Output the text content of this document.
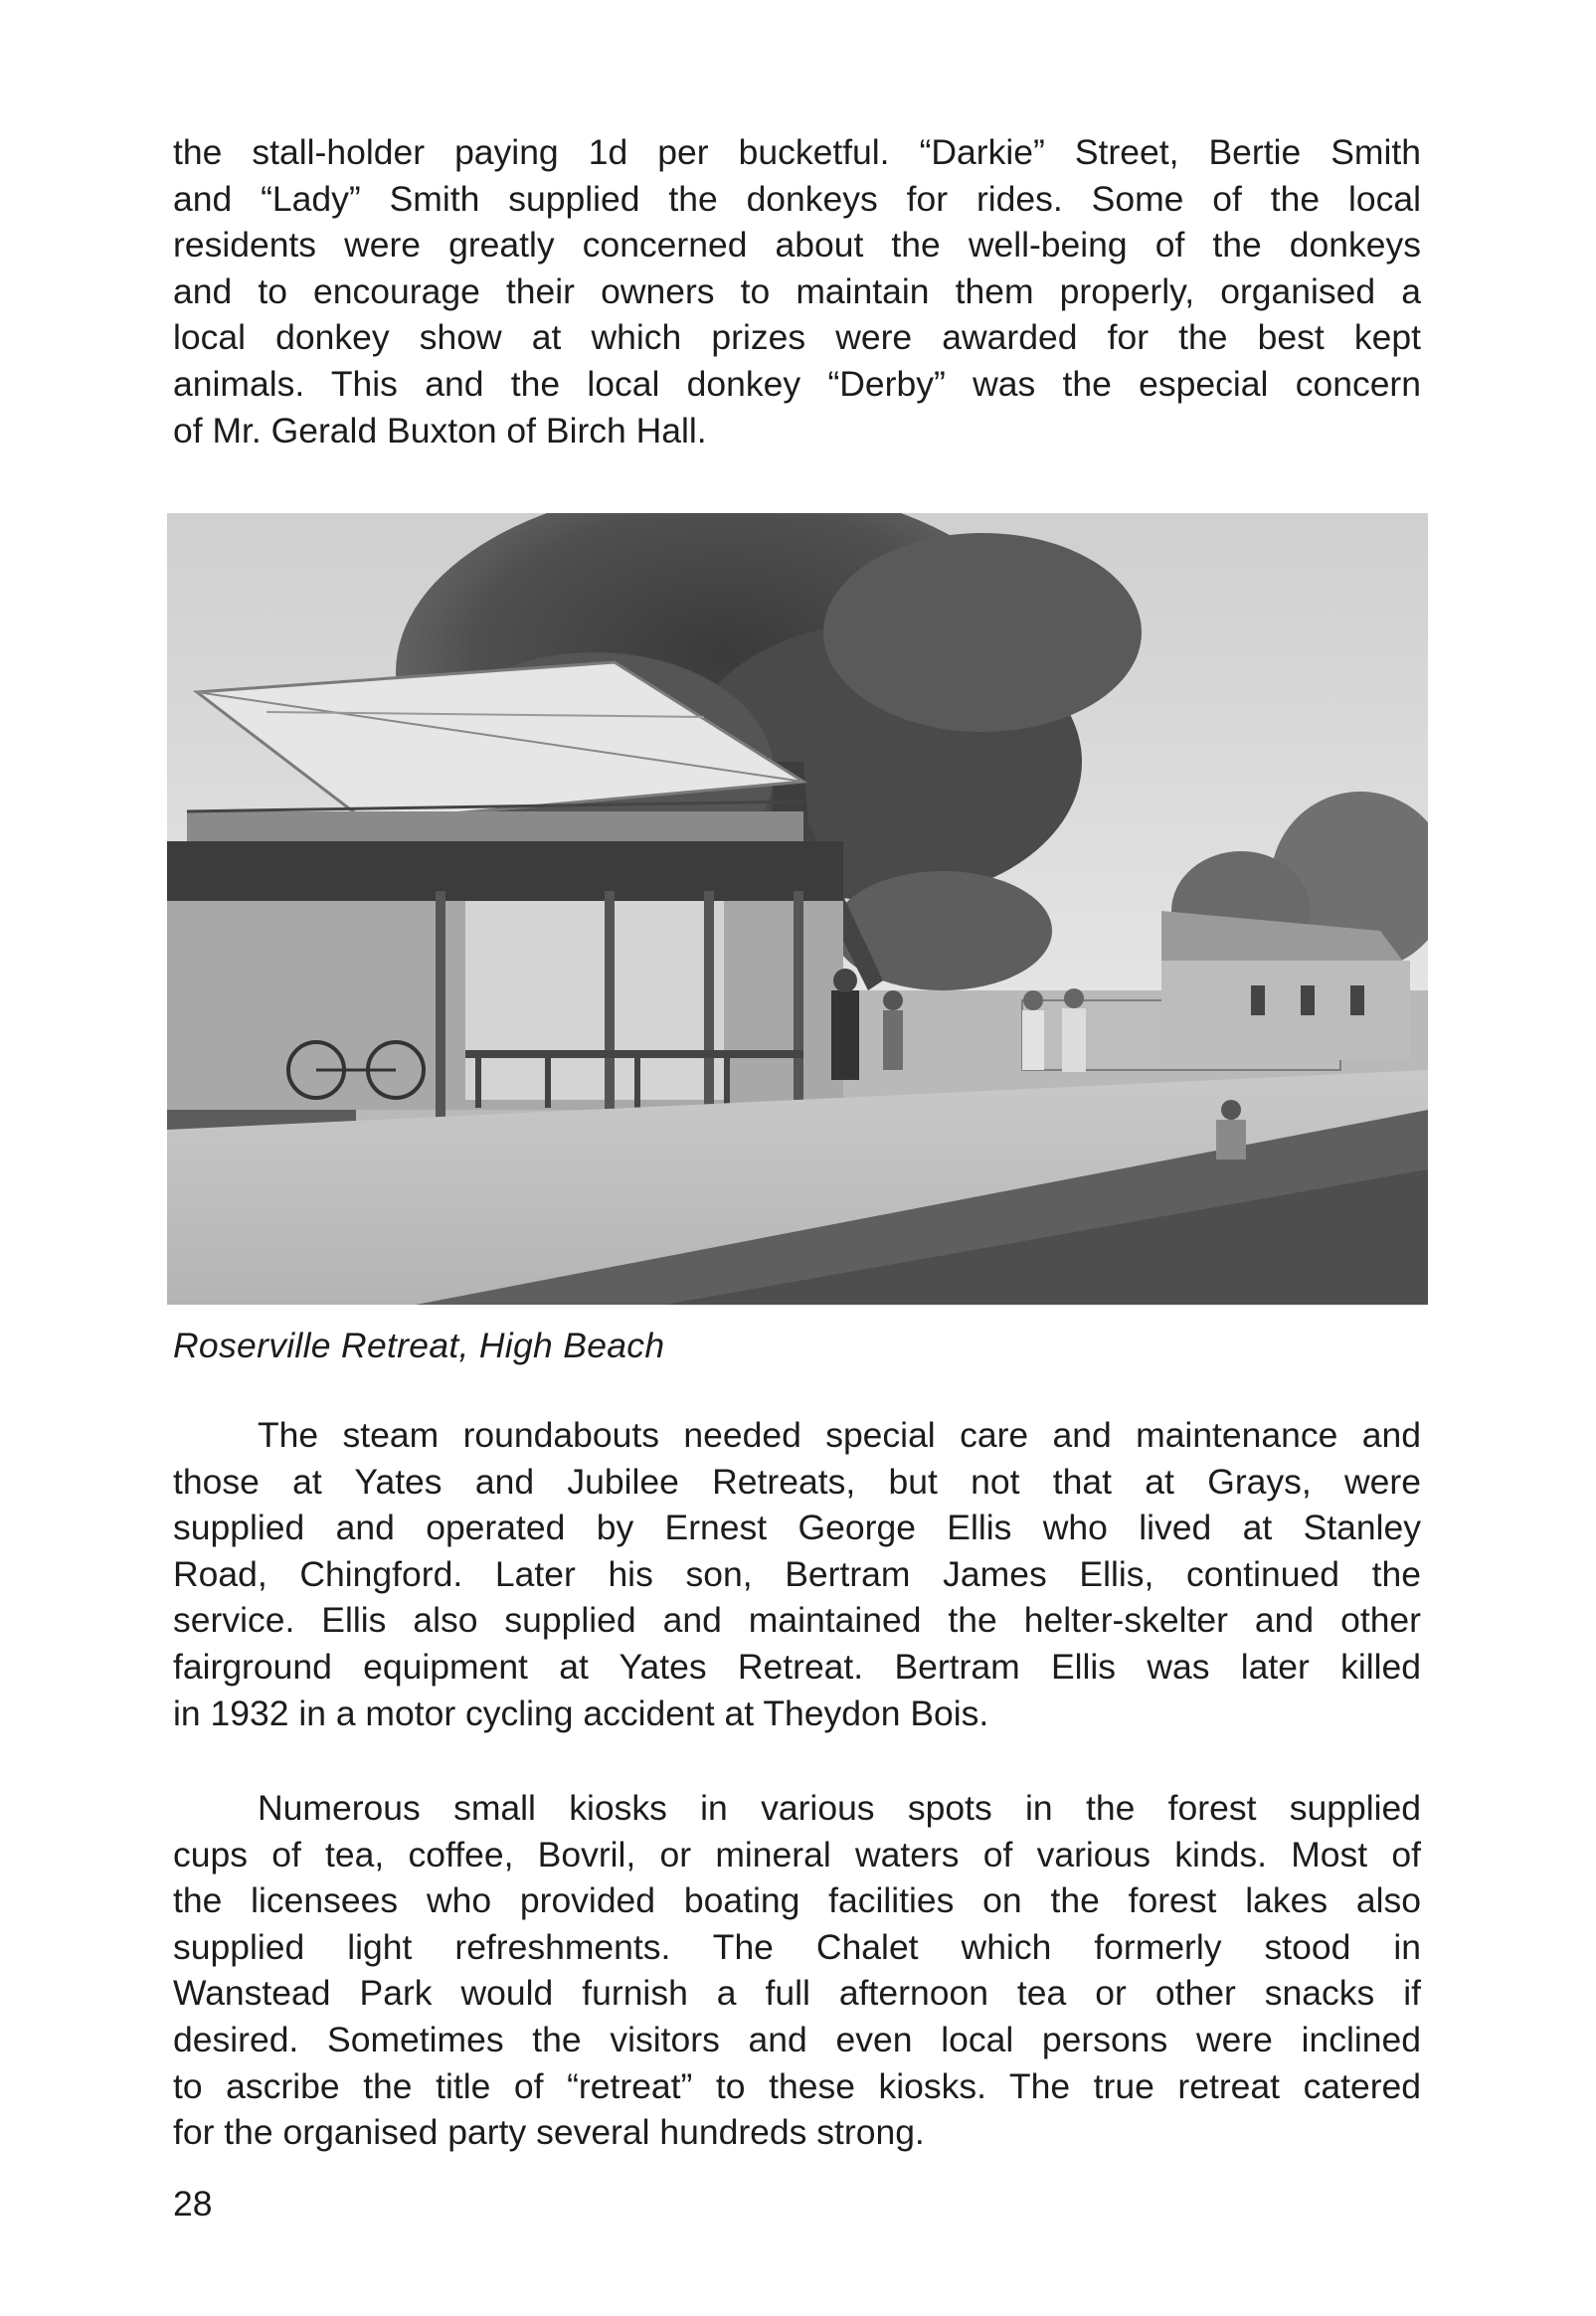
the stall-holder paying 1d per bucketful. “Darkie” Street, Bertie Smith
and “Lady” Smith supplied the donkeys for rides. Some of the local
residents were greatly concerned about the well-being of the donkeys
and to encourage their owners to maintain them properly, organised a
local donkey show at which prizes were awarded for the best kept
animals. This and the local donkey “Derby” was the especial concern
of Mr. Gerald Buxton of Birch Hall.

Roserville Retreat, High Beach

The steam roundabouts needed special care and maintenance and
those at Yates and Jubilee Retreats, but not that at Grays, were
supplied and operated by Ernest George Ellis who lived at Stanley
Road, Chingford. Later his son, Bertram James Ellis, continued the
service. Ellis also supplied and maintained the helter-skelter and other
fairground equipment at Yates Retreat. Bertram Ellis was later killed
in 1932 in a motor cycling accident at Theydon Bois.

Numerous small kiosks in various spots in the forest supplied
cups of tea, coffee, Bovril, or mineral waters of various kinds. Most of
the licensees who provided boating facilities on the forest lakes also
supplied light refreshments. The Chalet which formerly stood in
Wanstead Park would furnish a full afternoon tea or other snacks if
desired. Sometimes the visitors and even local persons were inclined
to ascribe the title of “retreat” to these kiosks. The true retreat catered
for the organised party several hundreds strong.

28
